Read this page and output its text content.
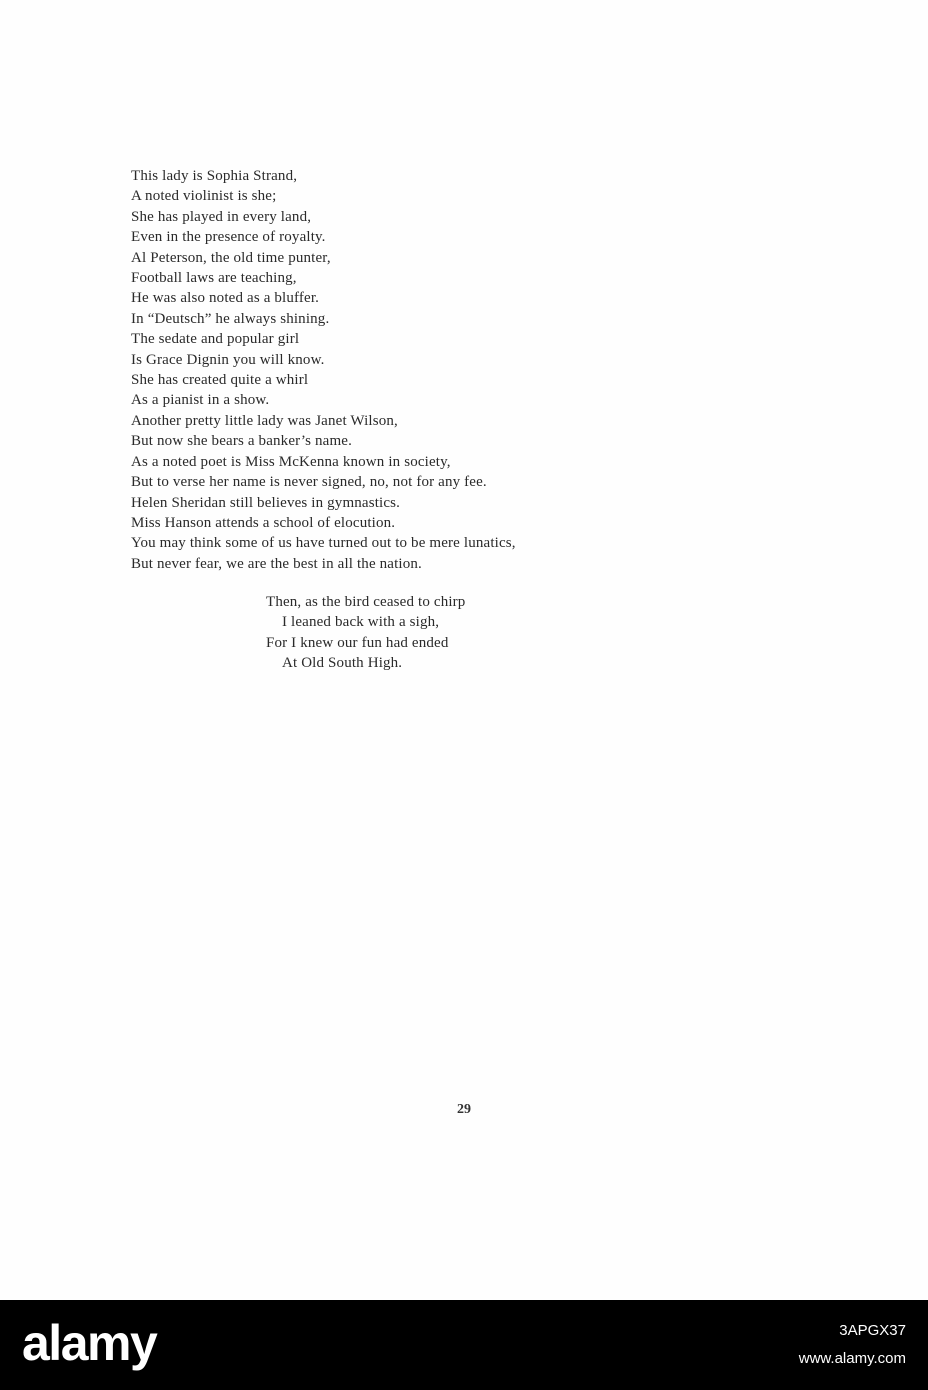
This lady is Sophia Strand,
A noted violinist is she;
She has played in every land,
Even in the presence of royalty.
Al Peterson, the old time punter,
Football laws are teaching,
He was also noted as a bluffer.
In “Deutsch” he always shining.
The sedate and popular girl
Is Grace Dignin you will know.
She has created quite a whirl
As a pianist in a show.
Another pretty little lady was Janet Wilson,
But now she bears a banker’s name.
As a noted poet is Miss McKenna known in society,
But to verse her name is never signed, no, not for any fee.
Helen Sheridan still believes in gymnastics.
Miss Hanson attends a school of elocution.
You may think some of us have turned out to be mere lunatics,
But never fear, we are the best in all the nation.
Then, as the bird ceased to chirp
I leaned back with a sigh,
For I knew our fun had ended
At Old South High.
29
alamy	3APGX37
www.alamy.com
